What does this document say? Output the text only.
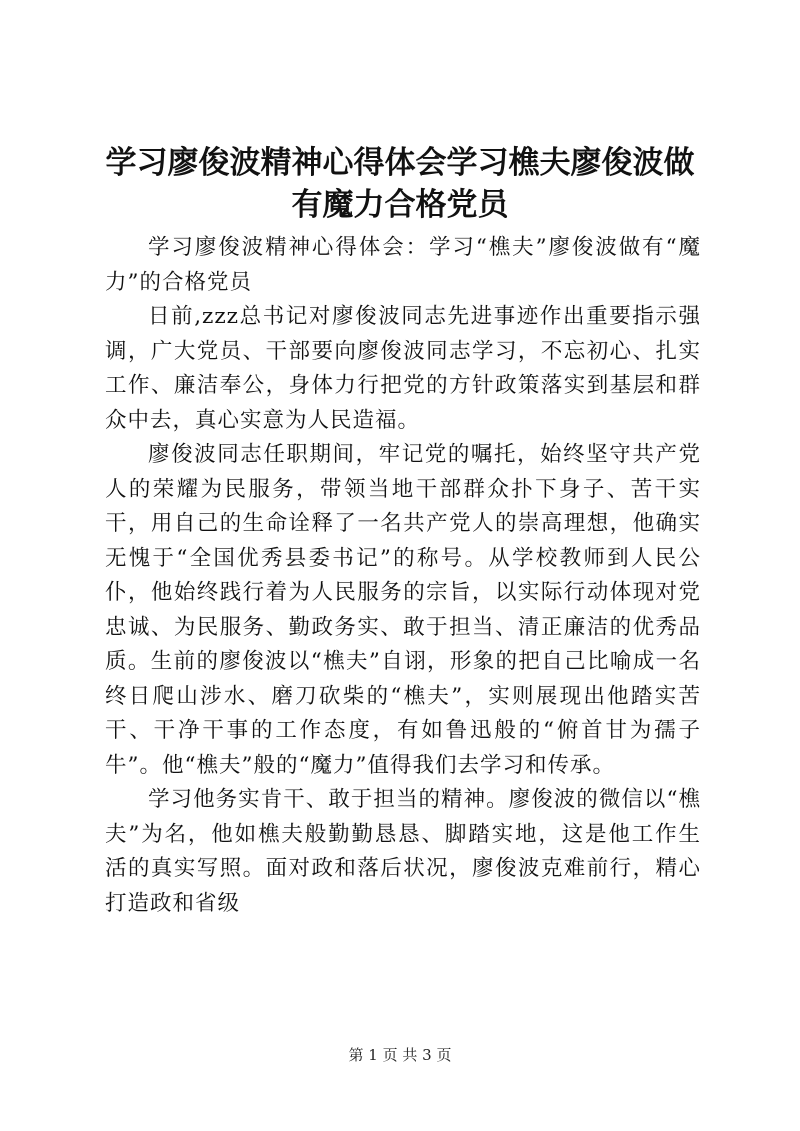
学习廖俊波精神心得体会学习樵夫廖俊波做有魔力合格党员

学习廖俊波精神心得体会：学习“樵夫”廖俊波做有“魔力”的合格党员

日前,zzz总书记对廖俊波同志先进事迹作出重要指示强调，广大党员、干部要向廖俊波同志学习，不忘初心、扎实工作、廉洁奉公，身体力行把党的方针政策落实到基层和群众中去，真心实意为人民造福。

廖俊波同志任职期间，牢记党的嘱托，始终坚守共产党人的荣耀为民服务，带领当地干部群众扑下身子、苦干实干，用自己的生命诠释了一名共产党人的崇高理想，他确实无愧于“全国优秀县委书记”的称号。从学校教师到人民公仆，他始终践行着为人民服务的宗旨，以实际行动体现对党忠诚、为民服务、勤政务实、敢于担当、清正廉洁的优秀品质。生前的廖俊波以“樵夫”自诩，形象的把自己比喻成一名终日爬山涉水、磨刀砍柴的“樵夫”，实则展现出他踏实苦干、干净干事的工作态度，有如鲁迅般的“俯首甘为孺子牛”。他“樵夫”般的“魔力”值得我们去学习和传承。

学习他务实肯干、敢于担当的精神。廖俊波的微信以“樵夫”为名，他如樵夫般勤勤恳恳、脚踏实地，这是他工作生活的真实写照。面对政和落后状况，廖俊波克难前行，精心打造政和省级

第 1 页 共 3 页
